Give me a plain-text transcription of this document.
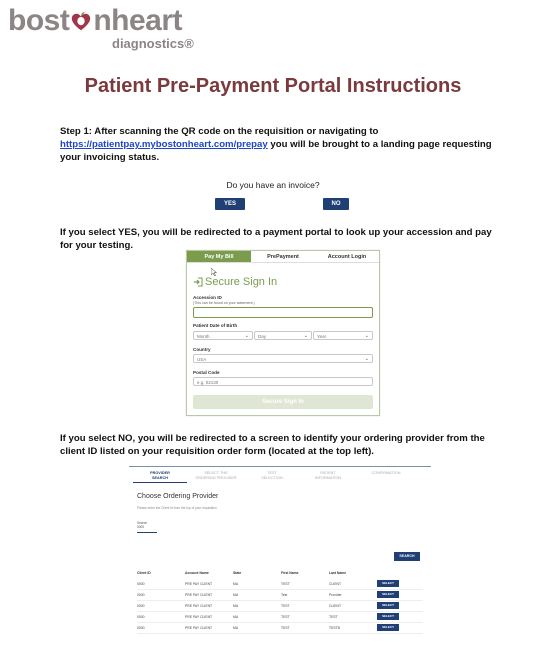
bost nheart
diagnostics®
Patient Pre-Payment Portal Instructions
Step 1: After scanning the QR code on the requisition or navigating to
https://patientpay.mybostonheart.com/prepay you will be brought to a landing page requesting your invoicing status.
Do you have an invoice?
YES	NO
If you select YES, you will be redirected to a payment portal to look up your accession and pay for your testing.
Pay My Bill	PrePayment	Account Login
Secure Sign In
Accession ID
(This can be found on your statement.)
Patient Date of Birth
Month	⌄	Day	⌄	Year	⌄
Country
USA	⌄
Postal Code
e.g. 02130
Secure Sign In
If you select NO, you will be redirected to a screen to identify your ordering provider from the client ID listed on your requisition order form (located at the top left).
PROVIDER
SEARCH
SELECT THE
ORDERING PROVIDER
TEST
SELECTION
PATIENT
INFORMATION
CONFIRMATION
Choose Ordering Provider
Please enter the Client Id from the top of your requisition
Search
0000
SEARCH
Client ID	Account Name	State	First Name	Last Name
0000	PRE PAY CLIENT	MA	TEST	CLIENT	SELECT
0000	PRE PAY CLIENT	MA	Test	Provider	SELECT
0000	PRE PAY CLIENT	MA	TEST	CLIENT	SELECT
0000	PRE PAY CLIENT	MA	TEST	TEST	SELECT
0000	PRE PAY CLIENT	MA	TEST	TESTB	SELECT
